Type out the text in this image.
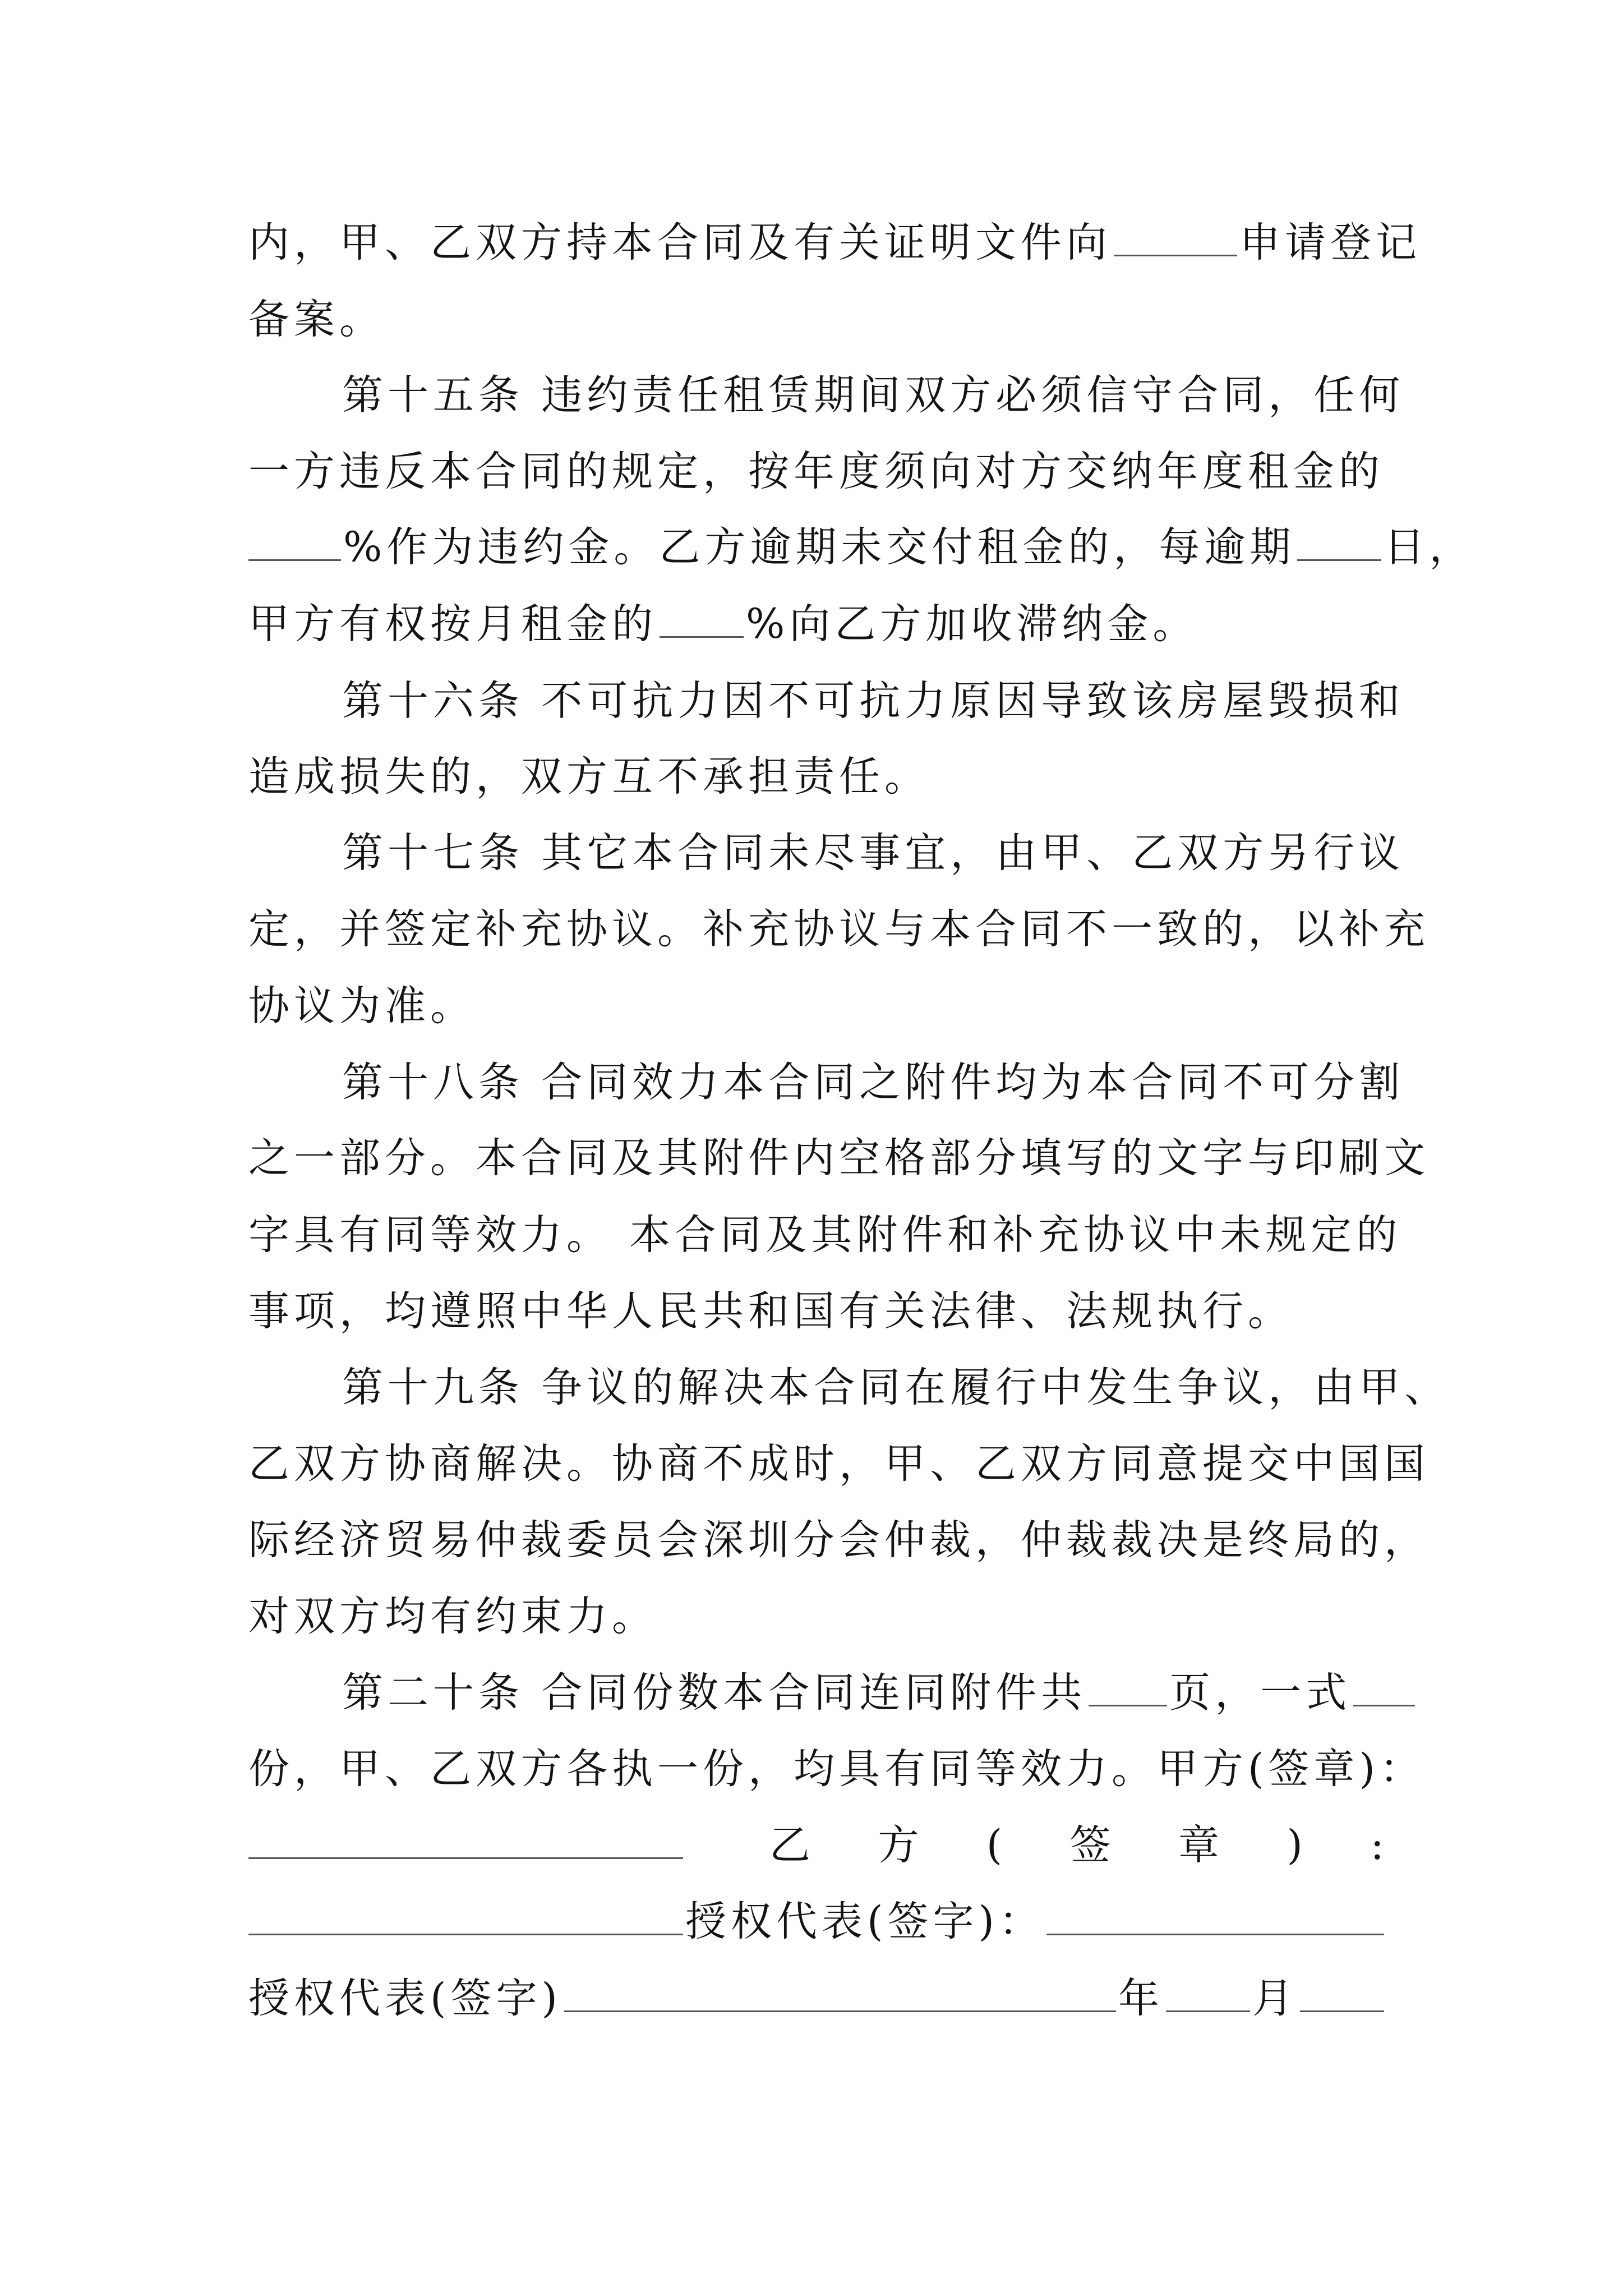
内，甲、乙双方持本合同及有关证明文件向	申请登记
备案。
第十五条 违约责任租赁期间双方必须信守合同，任何
一方违反本合同的规定，按年度须向对方交纳年度租金的
%作为违约金。乙方逾期未交付租金的，每逾期 日，
甲方有权按月租金的 %向乙方加收滞纳金。
第十六条 不可抗力因不可抗力原因导致该房屋毁损和
造成损失的，双方互不承担责任。
第十七条 其它本合同未尽事宜，由甲、乙双方另行议
定，并签定补充协议。补充协议与本合同不一致的，以补充
协议为准。
第十八条 合同效力本合同之附件均为本合同不可分割
之一部分。本合同及其附件内空格部分填写的文字与印刷文
字具有同等效力。 本合同及其附件和补充协议中未规定的
事项，均遵照中华人民共和国有关法律、法规执行。
第十九条 争议的解决本合同在履行中发生争议，由甲、
乙双方协商解决。协商不成时，甲、乙双方同意提交中国国
际经济贸易仲裁委员会深圳分会仲裁，仲裁裁决是终局的，
对双方均有约束力。
第二十条 合同份数本合同连同附件共 页，一式
份，甲、乙双方各执一份，均具有同等效力。甲方(签章)：
乙 方 ( 签 章 ) :
授权代表(签字)：
授权代表(签字)	年 月
